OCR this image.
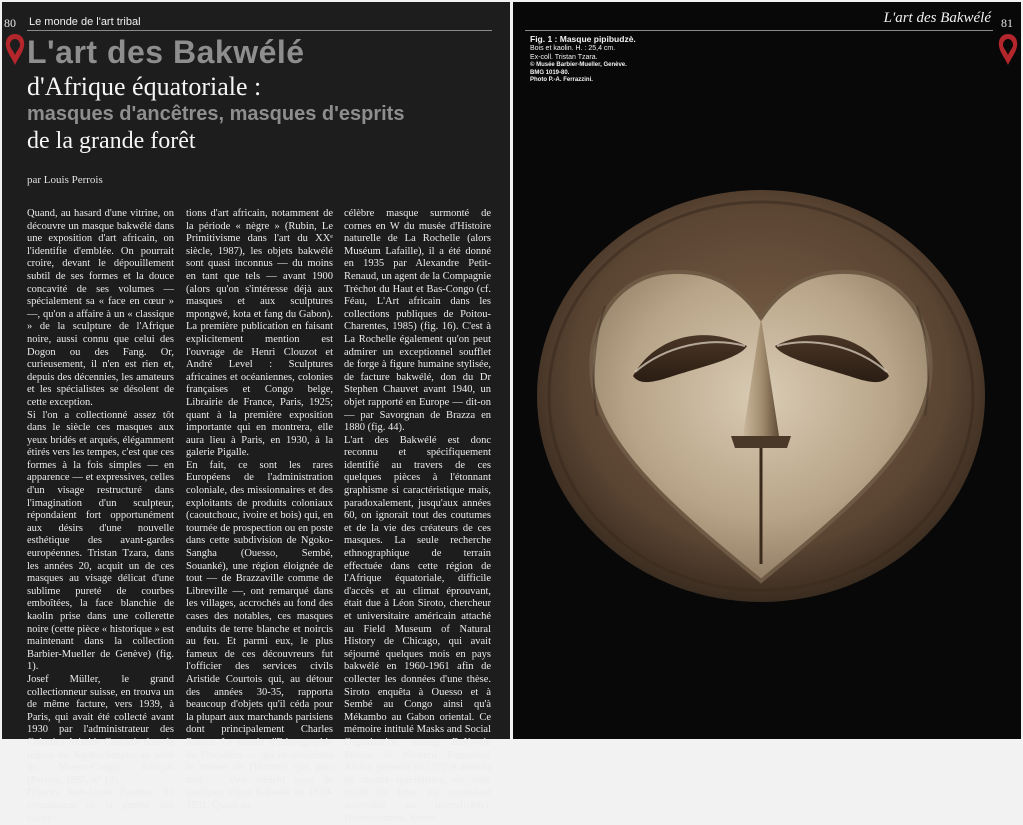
80 Le monde de l'art tribal
L'art des Bakwélé
d'Afrique équatoriale :
masques d'ancêtres, masques d'esprits
de la grande forêt
par Louis Perrois

Quand, au hasard d'une vitrine, on découvre un masque bakwélé dans une exposition d'art africain, on l'identifie d'emblée. On pourrait croire, devant le dépouillement subtil de ses formes et la douce concavité de ses volumes — spécialement sa « face en cœur » —, qu'on a affaire à un « classique » de la sculpture de l'Afrique noire, aussi connu que celui des Dogon ou des Fang. Or, curieusement, il n'en est rien et, depuis des décennies, les amateurs et les spécialistes se désolent de cette exception.

Si l'on a collectionné assez tôt dans le siècle ces masques aux yeux bridés et arqués, élégamment étirés vers les tempes, c'est que ces formes à la fois simples — en apparence — et expressives, celles d'un visage restructuré dans l'imagination d'un sculpteur, répondaient fort opportunément aux désirs d'une nouvelle esthétique des avant-gardes européennes. Tristan Tzara, dans les années 20, acquit un de ces masques au visage délicat d'une sublime pureté de courbes emboîtées, la face blanchie de kaolin prise dans une collerette noire (cette pièce « historique » est maintenant dans la collection Barbier-Mueller de Genève) (fig. 1).

Josef Müller, le grand collectionneur suisse, en trouva un de même facture, vers 1939, à Paris, qui avait été collecté avant 1930 par l'administrateur des Colonies Aristide Courtois dans la région de Ngoko-Sangha au nord du Moyen-Congo français (Perrois, 1985, n° 19).

D'après Jean-Louis Paudrat, fin connaisseur de la genèse des collec-

tions d'art africain, notamment de la période « nègre » (Rubin, Le Primitivisme dans l'art du XXᵉ siècle, 1987), les objets bakwélé sont quasi inconnus — du moins en tant que tels — avant 1900 (alors qu'on s'intéresse déjà aux masques et aux sculptures mpongwé, kota et fang du Gabon). La première publication en faisant explicitement mention est l'ouvrage de Henri Clouzot et André Level : Sculptures africaines et océaniennes, colonies françaises et Congo belge, Librairie de France, Paris, 1925; quant à la première exposition importante qui en montrera, elle aura lieu à Paris, en 1930, à la galerie Pigalle.

En fait, ce sont les rares Européens de l'administration coloniale, des missionnaires et des exploitants de produits coloniaux (caoutchouc, ivoire et bois) qui, en tournée de prospection ou en poste dans cette subdivision de Ngoko-Sangha (Ouesso, Sembé, Souanké), une région éloignée de tout — de Brazzaville comme de Libreville —, ont remarqué dans les villages, accrochés au fond des cases des notables, ces masques enduits de terre blanche et noircis au feu. Et parmi eux, le plus fameux de ces découvreurs fut l'officier des services civils Aristide Courtois qui, au détour des années 30-35, rapporta beaucoup d'objets qu'il céda pour la plupart aux marchands parisiens dont principalement Charles Ratton. Le musée d'Ethnographie du Trocadéro — qui ne deviendra le musée de l'Homme que plus tard — s'est enrichi aussi de quelques objets bakwélé en 1930-1931. Quant au

célèbre masque surmonté de cornes en W du musée d'Histoire naturelle de La Rochelle (alors Muséum Lafaille), il a été donné en 1935 par Alexandre Petit-Renaud, un agent de la Compagnie Tréchot du Haut et Bas-Congo (cf. Féau, L'Art africain dans les collections publiques de Poitou-Charentes, 1985) (fig. 16). C'est à La Rochelle également qu'on peut admirer un exceptionnel soufflet de forge à figure humaine stylisée, de facture bakwélé, don du Dr Stephen Chauvet avant 1940, un objet rapporté en Europe — dit-on — par Savorgnan de Brazza en 1880 (fig. 44).

L'art des Bakwélé est donc reconnu et spécifiquement identifié au travers de ces quelques pièces à l'étonnant graphisme si caractéristique mais, paradoxalement, jusqu'aux années 60, on ignorait tout des coutumes et de la vie des créateurs de ces masques. La seule recherche ethnographique de terrain effectuée dans cette région de l'Afrique équatoriale, difficile d'accès et au climat éprouvant, était due à Léon Siroto, chercheur et universitaire américain attaché au Field Museum of Natural History de Chicago, qui avait séjourné quelques mois en pays bakwélé en 1960-1961 afin de collecter les données d'une thèse. Siroto enquêta à Ouesso et à Sembé au Congo ainsi qu'à Mékambo au Gabon oriental. Ce mémoire intitulé Masks and Social Organization among BaKwele People of Western Equatorial Africa, présenté en 1970 et attendu de maints spécialistes, est resté inédit (le texte est cependant accessible sur microfiches). Heureusement, Siroto

L'art des Bakwélé 81
Fig. 1 : Masque pipibudzè.
Bois et kaolin. H. : 25,4 cm.
Ex-coll. Tristan Tzara.
© Musée Barbier-Mueller, Genève.
BMG 1019-80.
Photo P.-A. Ferrazzini.
